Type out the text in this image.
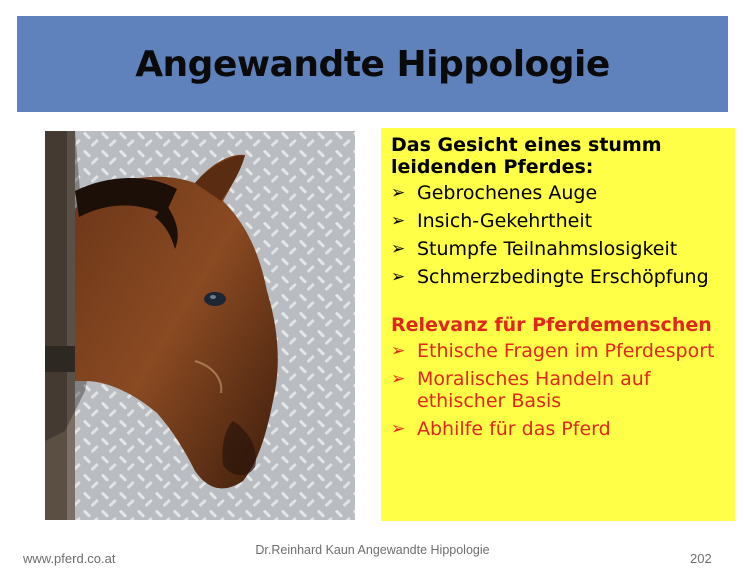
Angewandte Hippologie

Das Gesicht eines stumm leidenden Pferdes:

➢ Gebrochenes Auge
➢ Insich-Gekehrtheit
➢ Stumpfe Teilnahmslosigkeit
➢ Schmerzbedingte Erschöpfung

Relevanz für Pferdemenschen

➢ Ethische Fragen im Pferdesport
➢ Moralisches Handeln auf ethischer Basis
➢ Abhilfe für das Pferd
www.pferd.co.at
Dr.Reinhard Kaun Angewandte Hippologie
202
